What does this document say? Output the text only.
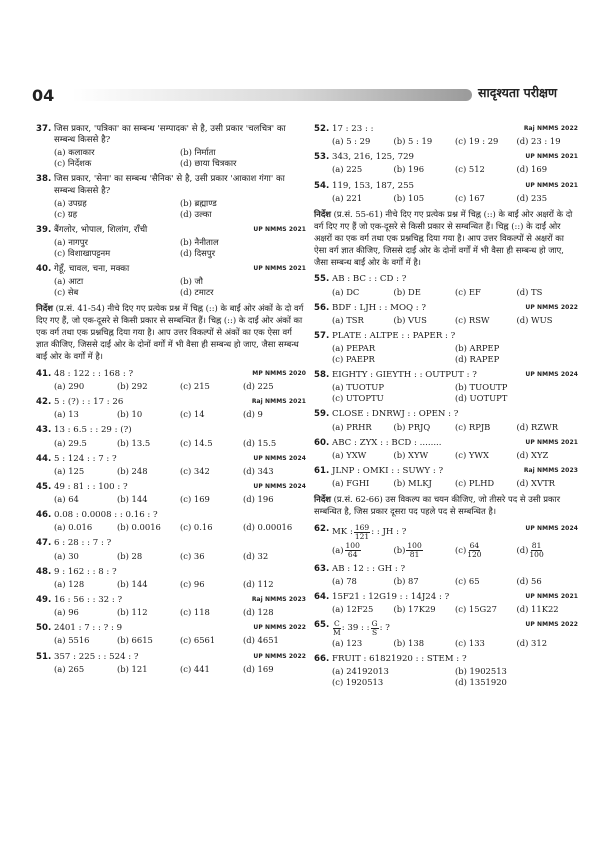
04	सादृश्यता परीक्षण
37. जिस प्रकार, 'पत्रिका' का सम्बन्ध 'सम्पादक' से है, उसी प्रकार 'चलचित्र' का सम्बन्ध किससे है?
(a) कलाकार	(b) निर्माता
(c) निर्देशक	(d) छाया चित्रकार
38. जिस प्रकार, 'सेना' का सम्बन्ध 'सैनिक' से है, उसी प्रकार 'आकाश गंगा' का सम्बन्ध किससे है?
(a) उपग्रह	(b) ब्रह्माण्ड
(c) ग्रह	(d) उल्का
39. बैंगलोर, भोपाल, शिलांग, राँची	UP NMMS 2021
(a) नागपुर	(b) नैनीताल
(c) विशाखापट्टनम	(d) दिसपुर
40. गेहूँ, चावल, चना, मक्का	UP NMMS 2021
(a) आटा	(b) जौ
(c) सेब	(d) टमाटर
निर्देश (प्र.सं. 41-54) नीचे दिए गए प्रत्येक प्रश्न में चिह्न (::) के बाईं ओर अंकों के दो वर्ग दिए गए हैं, जो एक-दूसरे से किसी प्रकार से सम्बन्धित हैं। चिह्न (::) के दाईं ओर अंकों का एक वर्ग तथा एक प्रश्नचिह्न दिया गया है। आप उत्तर विकल्पों से अंकों का एक ऐसा वर्ग ज्ञात कीजिए, जिससे दाईं ओर के दोनों वर्गों में भी वैसा ही सम्बन्ध हो जाए, जैसा सम्बन्ध बाईं ओर के वर्गों में है।
41. 48 : 122 : : 168 : ?	MP NMMS 2020
(a) 290	(b) 292	(c) 215	(d) 225
42. 5 : (?) : : 17 : 26	Raj NMMS 2021
(a) 13	(b) 10	(c) 14	(d) 9
43. 13 : 6.5 : : 29 : (?)
(a) 29.5	(b) 13.5	(c) 14.5	(d) 15.5
44. 5 : 124 : : 7 : ?	UP NMMS 2024
(a) 125	(b) 248	(c) 342	(d) 343
45. 49 : 81 : : 100 : ?	UP NMMS 2024
(a) 64	(b) 144	(c) 169	(d) 196
46. 0.08 : 0.0008 : : 0.16 : ?
(a) 0.016	(b) 0.0016	(c) 0.16	(d) 0.00016
47. 6 : 28 : : 7 : ?
(a) 30	(b) 28	(c) 36	(d) 32
48. 9 : 162 : : 8 : ?
(a) 128	(b) 144	(c) 96	(d) 112
49. 16 : 56 : : 32 : ?	Raj NMMS 2023
(a) 96	(b) 112	(c) 118	(d) 128
50. 2401 : 7 : : ? : 9	UP NMMS 2022
(a) 5516	(b) 6615	(c) 6561	(d) 4651
51. 357 : 225 : : 524 : ?	UP NMMS 2022
(a) 265	(b) 121	(c) 441	(d) 169
52. 17 : 23 : :	Raj NMMS 2022
(a) 5 : 29	(b) 5 : 19	(c) 19 : 29	(d) 23 : 19
53. 343, 216, 125, 729	UP NMMS 2021
(a) 225	(b) 196	(c) 512	(d) 169
54. 119, 153, 187, 255	UP NMMS 2021
(a) 221	(b) 105	(c) 167	(d) 235
निर्देश (प्र.सं. 55-61) नीचे दिए गए प्रत्येक प्रश्न में चिह्न (::) के बाईं ओर अक्षरों के दो वर्ग दिए गए हैं जो एक-दूसरे से किसी प्रकार से सम्बन्धित हैं। चिह्न (::) के दाईं ओर अक्षरों का एक वर्ग तथा एक प्रश्नचिह्न दिया गया है। आप उत्तर विकल्पों से अक्षरों का ऐसा वर्ग ज्ञात कीजिए, जिससे दाईं ओर के दोनों वर्गों में भी वैसा ही सम्बन्ध हो जाए, जैसा सम्बन्ध बाईं ओर के वर्गों में है।
55. AB : BC : : CD : ?
(a) DC	(b) DE	(c) EF	(d) TS
56. BDF : LJH : : MOQ : ?	UP NMMS 2022
(a) TSR	(b) VUS	(c) RSW	(d) WUS
57. PLATE : ALTPE : : PAPER : ?
(a) PEPAR	(b) ARPEP
(c) PAEPR	(d) RAPEP
58. EIGHTY : GIEYTH : : OUTPUT : ?	UP NMMS 2024
(a) TUOTUP	(b) TUOUTP
(c) UTOPTU	(d) UOTUPT
59. CLOSE : DNRWJ : : OPEN : ?
(a) PRHR	(b) PRJQ	(c) RPJB	(d) RZWR
60. ABC : ZYX : : BCD : ........	UP NMMS 2021
(a) YXW	(b) XYW	(c) YWX	(d) XYZ
61. JLNP : OMKI : : SUWY : ?	Raj NMMS 2023
(a) FGHI	(b) MLKJ	(c) PLHD	(d) XVTR
निर्देश (प्र.सं. 62-66) उस विकल्प का चयन कीजिए, जो तीसरे पद से उसी प्रकार सम्बन्धित है, जिस प्रकार दूसरा पद पहले पद से सम्बन्धित है।
62. MK : $\frac{169}{121}$ : : JH : ?	UP NMMS 2024
$(a) \frac{100}{64}$	$(b) \frac{100}{81}$	$(c) \frac{64}{120}$	$(d) \frac{81}{100}$
63. AB : 12 : : GH : ?
(a) 78	(b) 87	(c) 65	(d) 56
64. 15F21 : 12G19 : : 14J24 : ?	UP NMMS 2021
(a) 12F25	(b) 17K29	(c) 15G27	(d) 11K22
65. $\frac{C}{M}$ : 39 : : $\frac{G}{S}$ : ?	UP NMMS 2022
(a) 123	(b) 138	(c) 133	(d) 312
66. FRUIT : 61821920 : : STEM : ?
(a) 24192013	(b) 1902513
(c) 1920513	(d) 1351920
